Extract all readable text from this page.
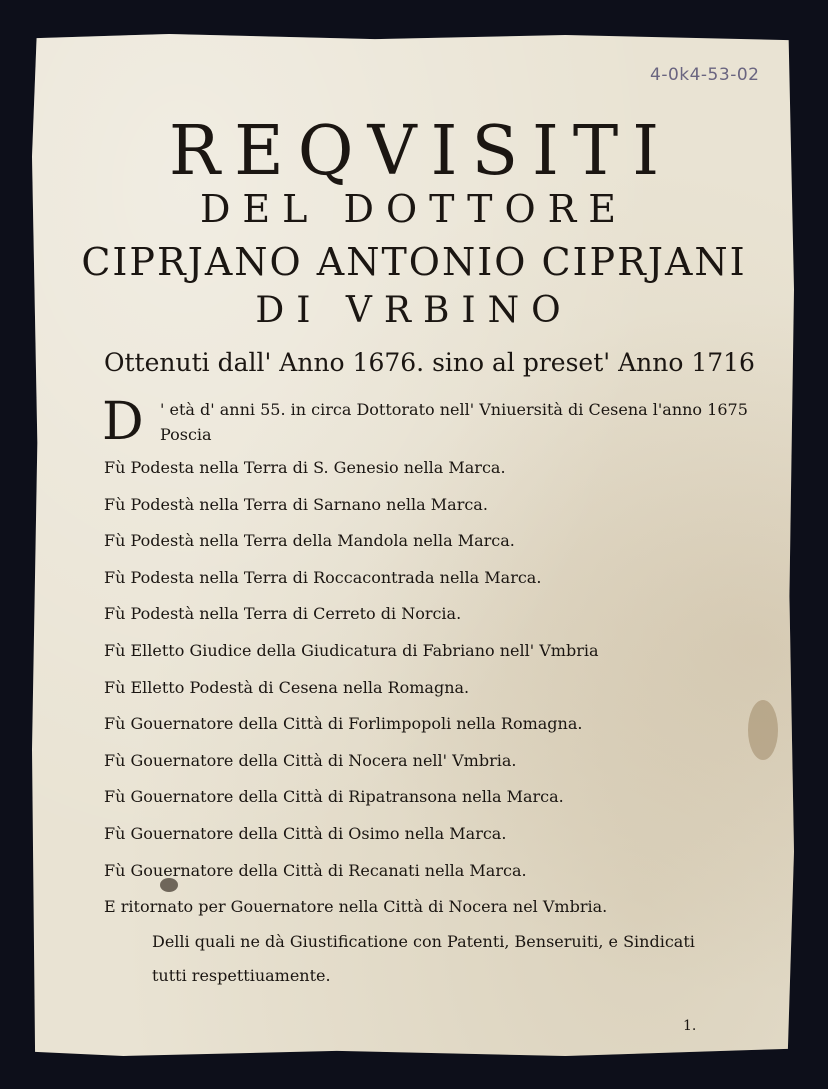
4-0k4-53-02
REQVISITI
DEL DOTTORE
CIPRJANO ANTONIO CIPRJANI
DI VRBINO
Ottenuti dall' Anno 1676. sino al preset' Anno 1716
D ' età d' anni 55. in circa Dottorato nell' Vniuersità di Cesena l'anno 1675
Poscia
Fù Podesta nella Terra di S. Genesio nella Marca.
Fù Podestà nella Terra di Sarnano nella Marca.
Fù Podestà nella Terra della Mandola nella Marca.
Fù Podesta nella Terra di Roccacontrada nella Marca.
Fù Podestà nella Terra di Cerreto di Norcia.
Fù Elletto Giudice della Giudicatura di Fabriano nell' Vmbria
Fù Elletto Podestà di Cesena nella Romagna.
Fù Gouernatore della Città di Forlimpopoli nella Romagna.
Fù Gouernatore della Città di Nocera nell' Vmbria.
Fù Gouernatore della Città di Ripatransona nella Marca.
Fù Gouernatore della Città di Osimo nella Marca.
Fù Gouernatore della Città di Recanati nella Marca.
E ritornato per Gouernatore nella Città di Nocera nel Vmbria.
Delli quali ne dà Giustificatione con Patenti, Benseruiti, e Sindicati
tutti respettiuamente.
1.
